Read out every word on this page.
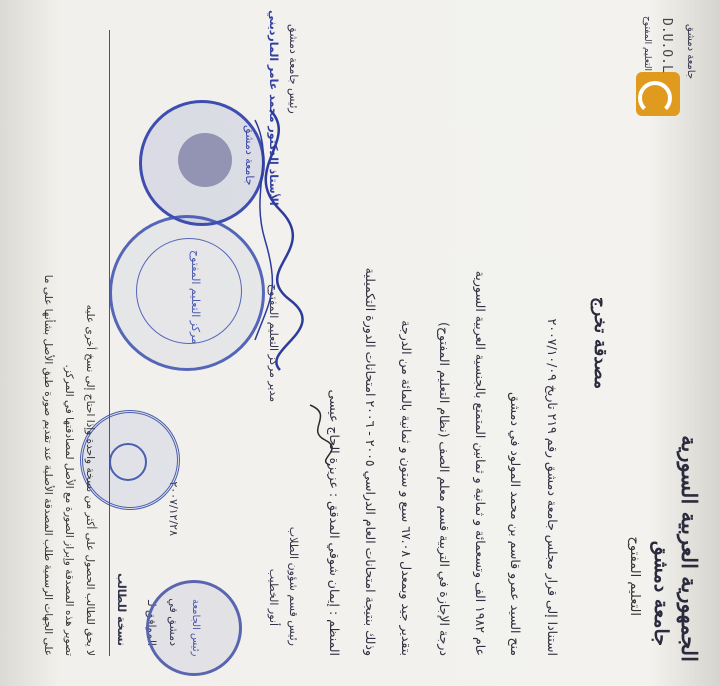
الجمهورية العربية السورية
جامعة دمشق
التعليم المفتوح
جامعة دمشق
D.U.O.L
التعليم المفتوح
مصدقة تخرج
استنادا إلى قرار مجلس جامعة دمشق رقم ٢١٩ تاريخ ٢٠٠٧/١٠/٠٩
منح السيد عمرو قاسم بن محمد المولود في دمشق
عام ١٩٨٢ الف وتسعمائة و ثمانية و ثمانين المتمتع بالجنسية العربية السورية
درجة الإجازة في التربية قسم معلم الصف (نظام التعليم المفتوح)
بتقدير جيد وبمعدل ٦٧.٠٨ سبع و ستون و ثمانية بالمائة من الدرجة
وذلك بنتيجة امتحانات العام الدراسي ٢٠٠٥ - ٢٠٠٦ امتحانات الدورة التكميلية
المنظم : إيمان شوقي المدقق : عزيزة الحاج عيسى
رئيس قسم شؤون الطلاب
أنور الخطيب
مدير مركز التعليم المفتوح
رئيس جامعة دمشق
الأستاذ الدكتور محمد عامر المارديني
دمشق في
٢٠٠٧/١٢/٢٨
الموافق لـ
مركز التعليم المفتوح
جامعة دمشق
رئيس الجامعة
نسخة للطالب
لا يحق للطالب الحصول على أكثر من نسخة واحدة وإذا احتاج إلى نسخ أخرى عليه
تصوير هذه المصدقة وإبراز الصورة مع الأصل لمصادقتها في المركز.
على الجهات الرسمية طلب المصدقة الأصلية عند تقديم صورة طبق الأصل بشأنها على ما
